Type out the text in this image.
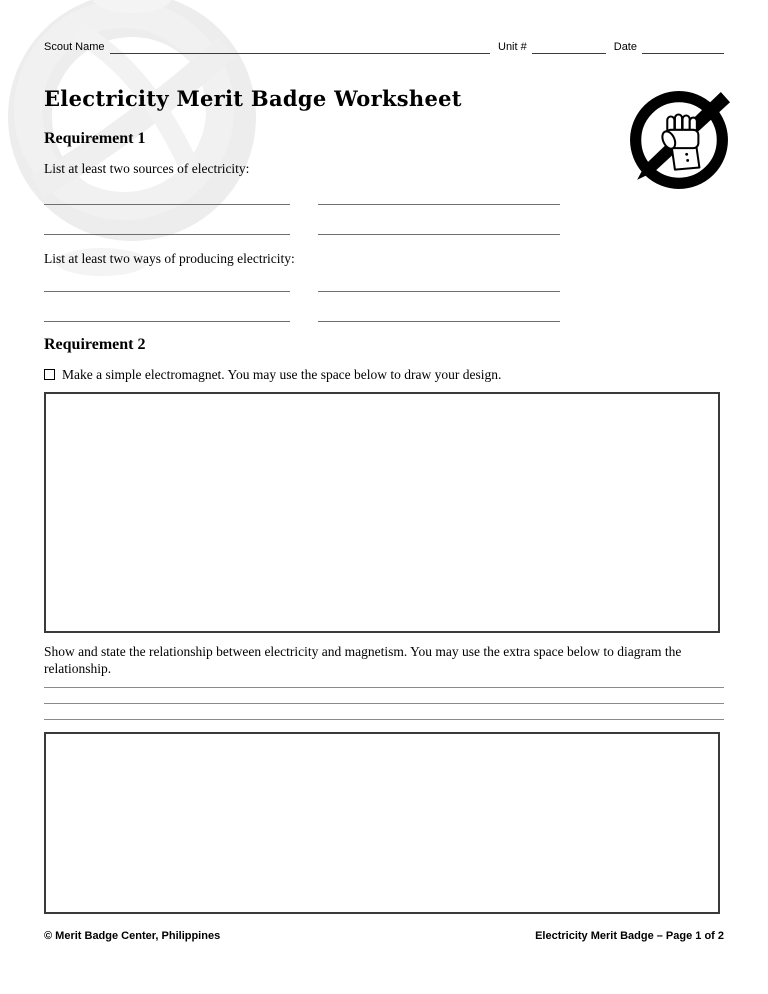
Scout Name	Unit #	Date
Electricity Merit Badge Worksheet
Requirement 1
List at least two sources of electricity:
List at least two ways of producing electricity:
Requirement 2
Make a simple electromagnet. You may use the space below to draw your design.
Show and state the relationship between electricity and magnetism. You may use the extra space below to diagram the relationship.
© Merit Badge Center, Philippines	Electricity Merit Badge – Page 1 of 2
